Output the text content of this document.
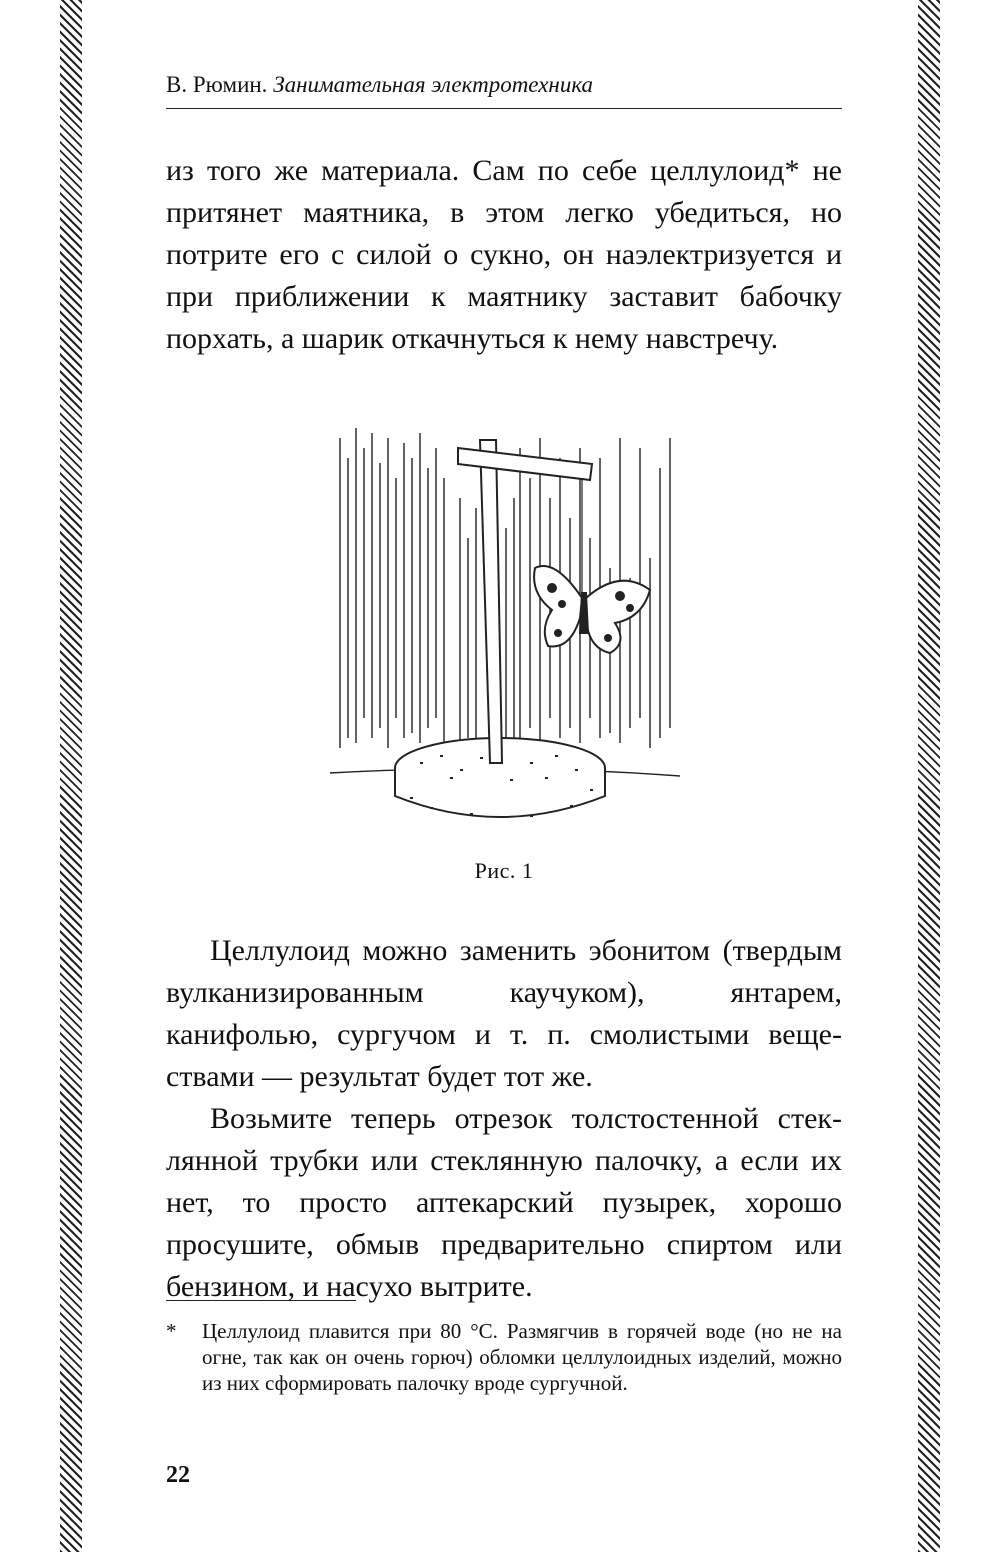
В. Рюмин. Занимательная электротехника

из того же материала. Сам по себе целлулоид* не притянет маятника, в этом легко убедиться, но потрите его с силой о сукно, он наэлектризуется и при приближении к маятнику заставит бабочку порхать, а шарик откачнуться к нему навстречу.

Рис. 1

Целлулоид можно заменить эбонитом (твердым вулканизированным каучуком), янтарем, канифолью, сургучом и т. п. смолистыми веществами — результат будет тот же.

Возьмите теперь отрезок толстостенной стеклянной трубки или стеклянную палочку, а если их нет, то просто аптекарский пузырек, хорошо просушите, обмыв предварительно спиртом или бензином, и насухо вытрите.

* Целлулоид плавится при 80 °С. Размягчив в горячей воде (но не на огне, так как он очень горюч) обломки целлулоидных изделий, можно из них сформировать палочку вроде сургучной.
22
